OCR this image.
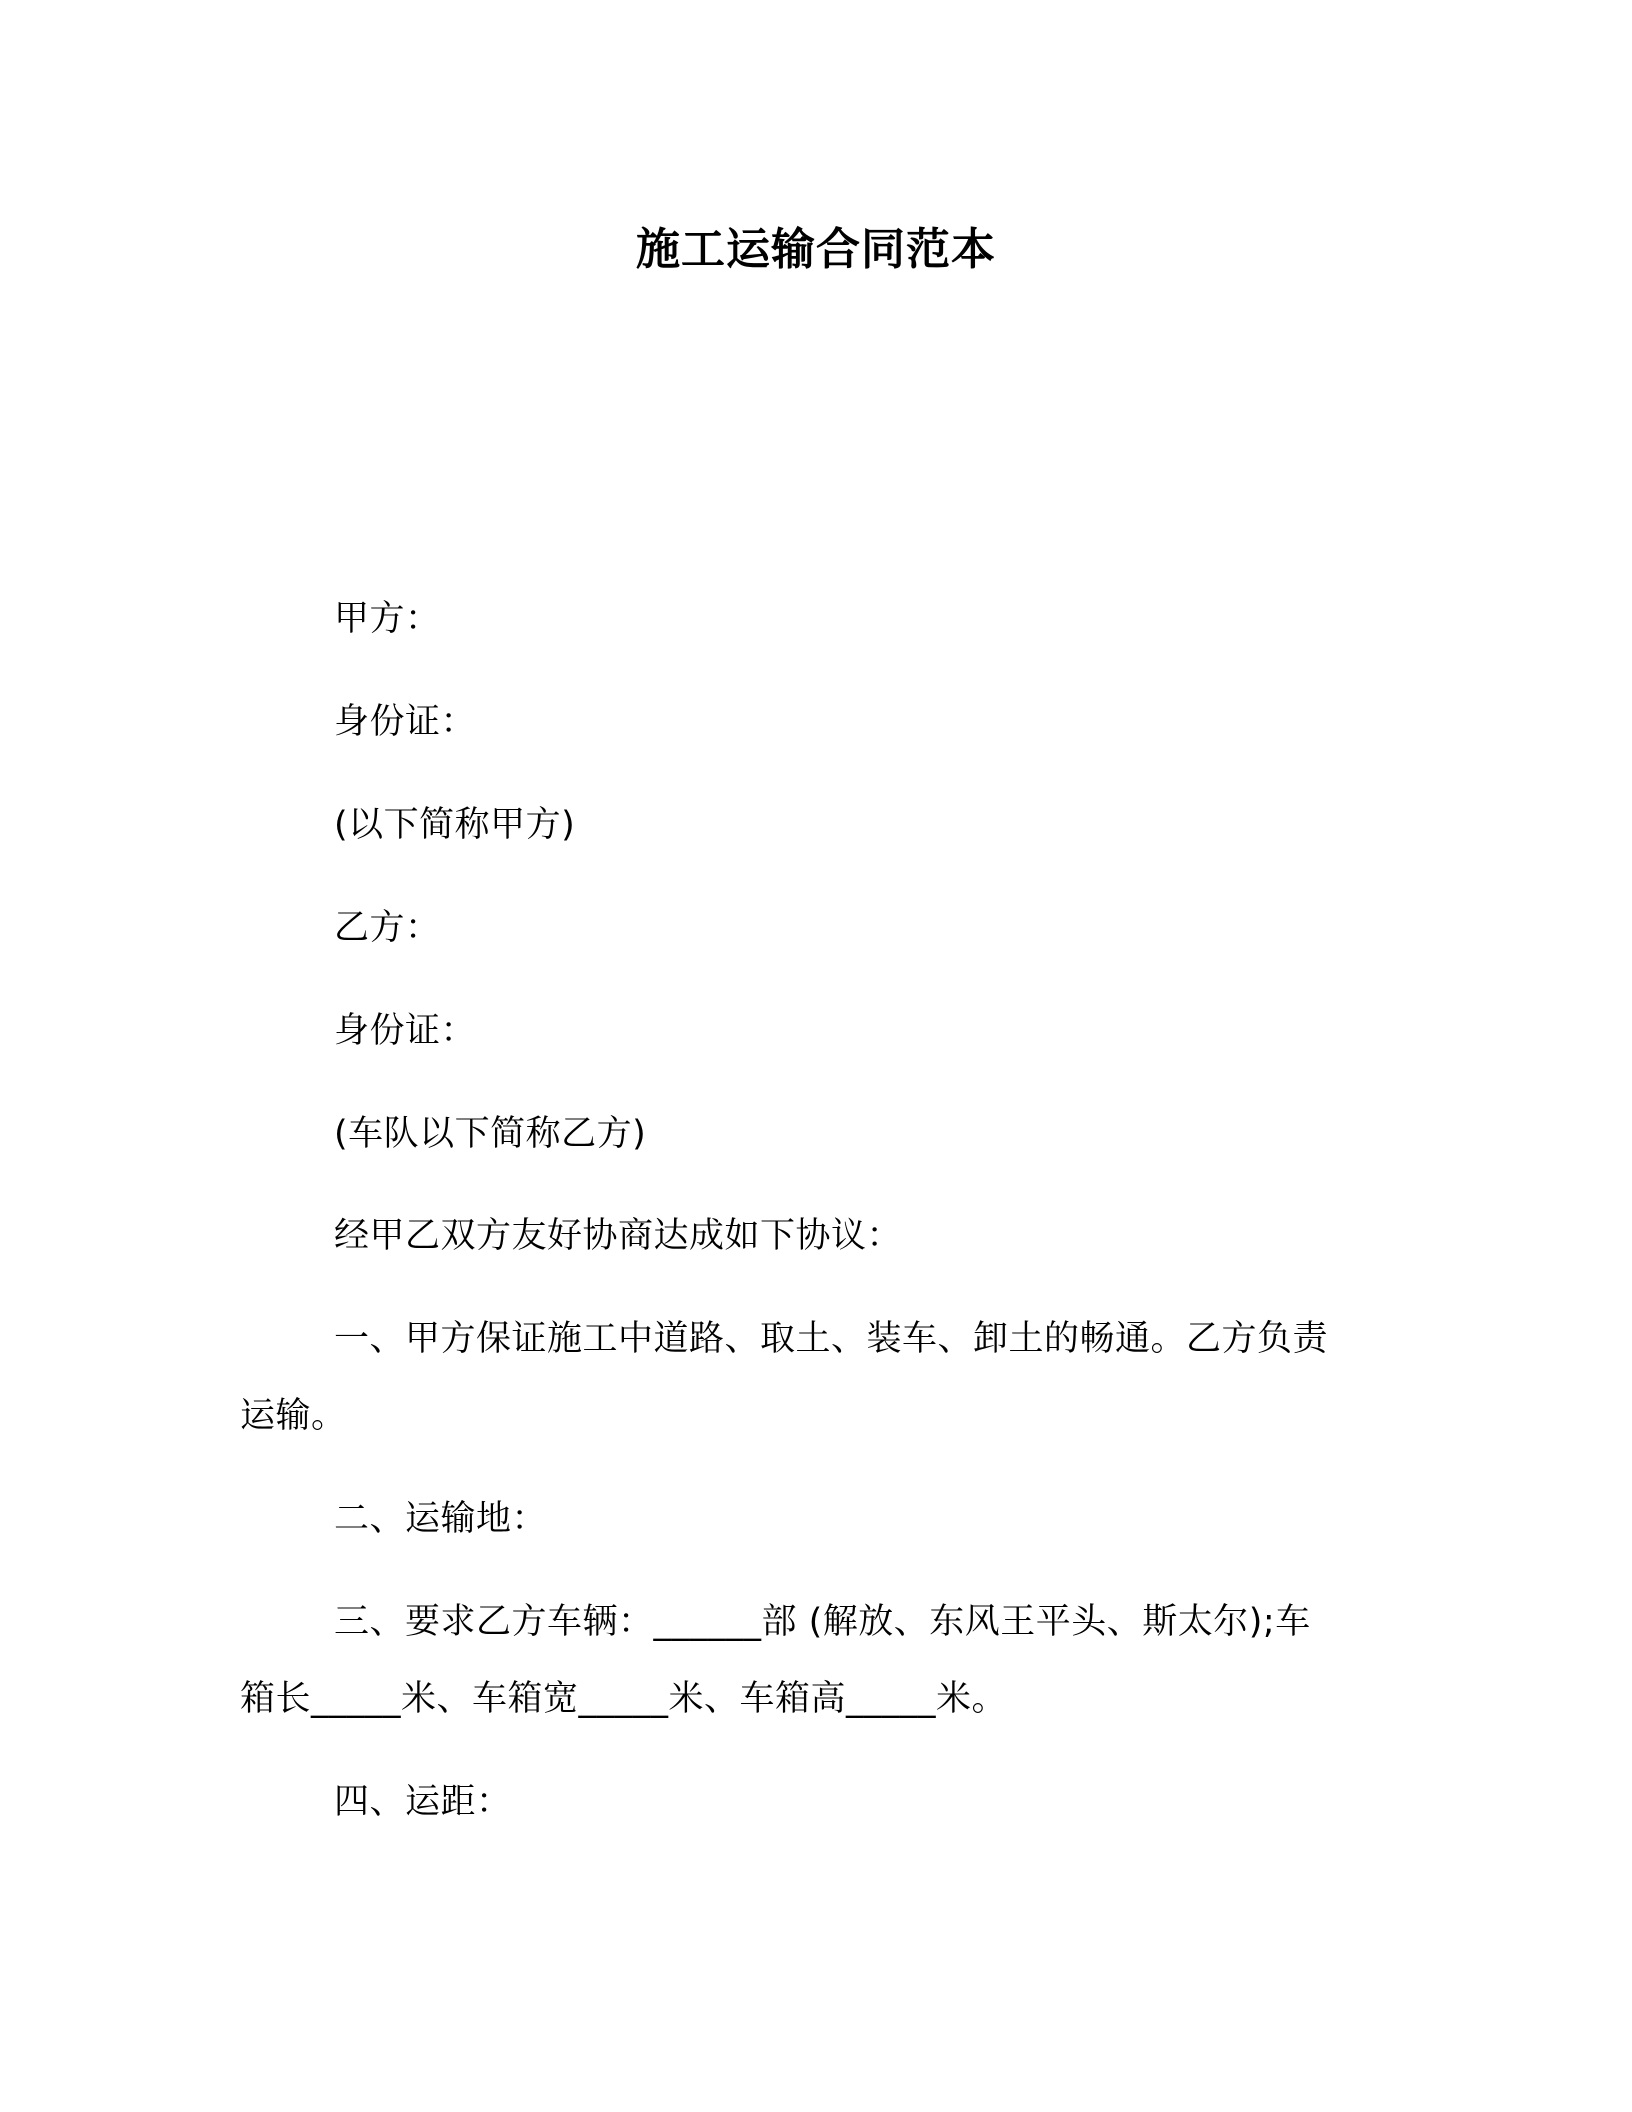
施工运输合同范本
甲方：
身份证：
(以下简称甲方)
乙方：
身份证：
(车队以下简称乙方)
经甲乙双方友好协商达成如下协议：
一、甲方保证施工中道路、取土、装车、卸土的畅通。乙方负责
运输。
二、运输地：
三、要求乙方车辆：______部 (解放、东风王平头、斯太尔);车
箱长_____米、车箱宽_____米、车箱高_____米。
四、运距：
